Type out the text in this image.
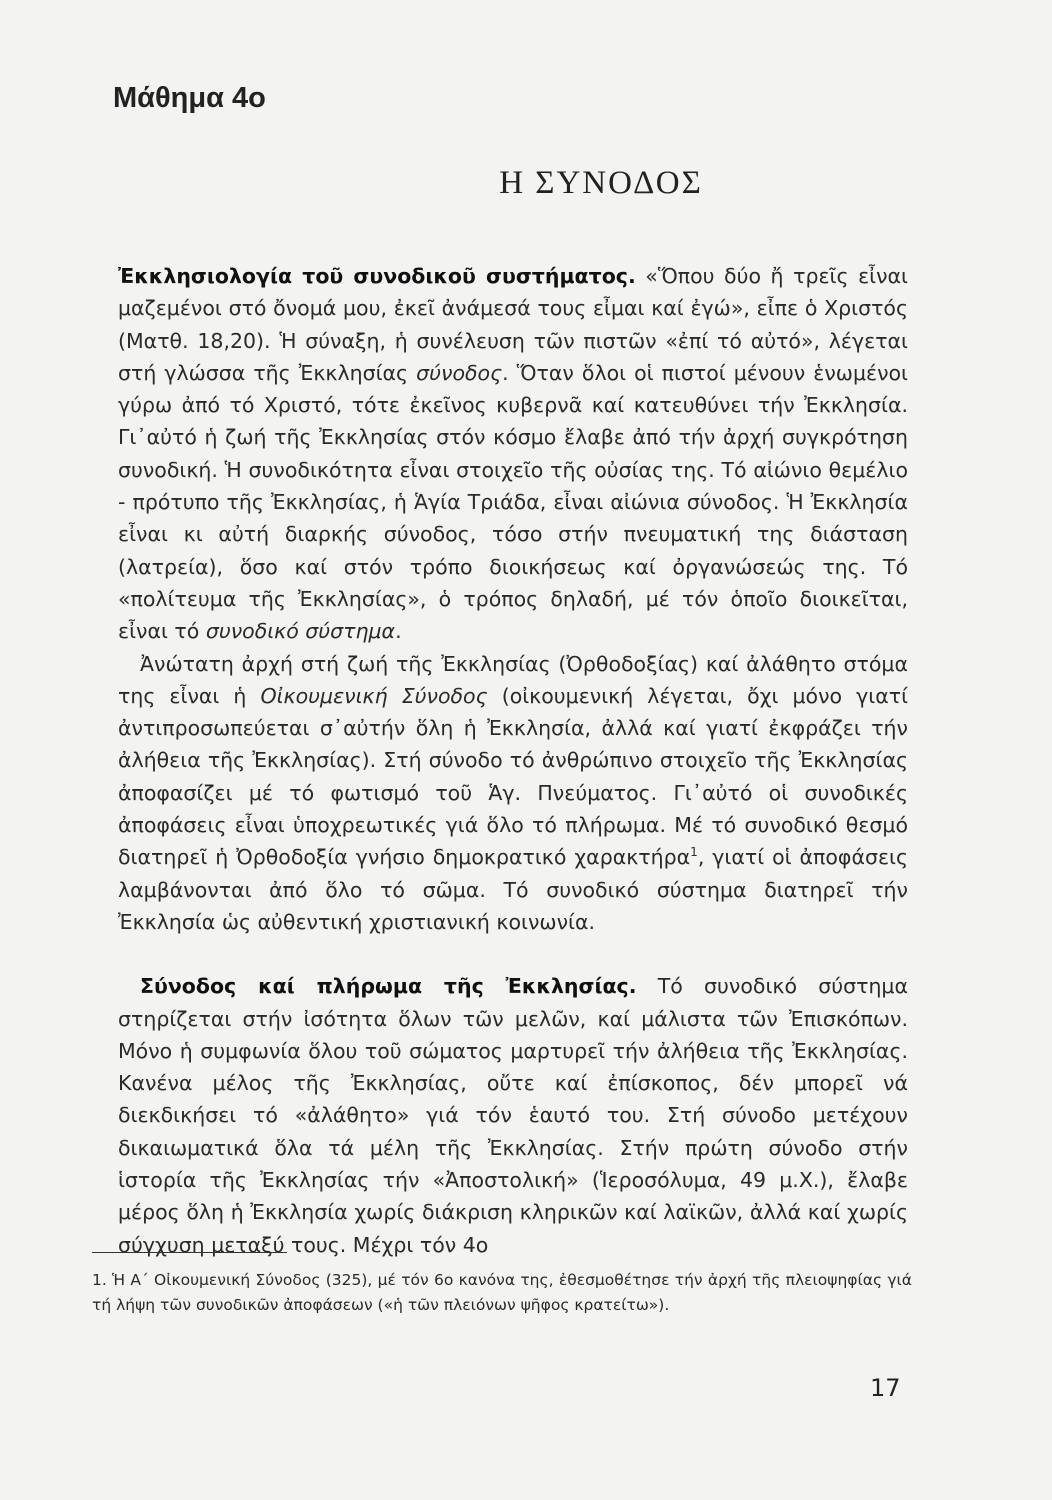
Μάθημα 4ο
Η ΣΥΝΟΔΟΣ

Ἐκκλησιολογία τοῦ συνοδικοῦ συστήματος. «Ὅπου δύο ἤ τρεῖς εἶναι μαζεμένοι στό ὄνομά μου, ἐκεῖ ἀνάμεσά τους εἶμαι καί ἐγώ», εἶπε ὁ Χριστός (Ματθ. 18,20). Ἡ σύναξη, ἡ συνέλευση τῶν πιστῶν «ἐπί τό αὐτό», λέγεται στή γλώσσα τῆς Ἐκκλησίας σύνοδος. Ὅταν ὅλοι οἱ πιστοί μένουν ἑνωμένοι γύρω ἀπό τό Χριστό, τότε ἐκεῖνος κυβερνᾶ καί κατευθύνει τήν Ἐκκλησία. Γι᾽αὐτό ἡ ζωή τῆς Ἐκκλησίας στόν κόσμο ἔλαβε ἀπό τήν ἀρχή συγκρότηση συνοδική. Ἡ συνοδικότητα εἶναι στοιχεῖο τῆς οὐσίας της. Τό αἰώνιο θεμέλιο - πρότυπο τῆς Ἐκκλησίας, ἡ Ἁγία Τριάδα, εἶναι αἰώνια σύνοδος. Ἡ Ἐκκλησία εἶναι κι αὐτή διαρκής σύνοδος, τόσο στήν πνευματική της διάσταση (λατρεία), ὅσο καί στόν τρόπο διοικήσεως καί ὀργανώσεώς της. Τό «πολίτευμα τῆς Ἐκκλησίας», ὁ τρόπος δηλαδή, μέ τόν ὁποῖο διοικεῖται, εἶναι τό συνοδικό σύστημα.

Ἀνώτατη ἀρχή στή ζωή τῆς Ἐκκλησίας (Ὀρθοδοξίας) καί ἀλάθητο στόμα της εἶναι ἡ Οἰκουμενική Σύνοδος (οἰκουμενική λέγεται, ὄχι μόνο γιατί ἀντιπροσωπεύεται σ᾽αὐτήν ὅλη ἡ Ἐκκλησία, ἀλλά καί γιατί ἐκφράζει τήν ἀλήθεια τῆς Ἐκκλησίας). Στή σύνοδο τό ἀνθρώπινο στοιχεῖο τῆς Ἐκκλησίας ἀποφασίζει μέ τό φωτισμό τοῦ Ἁγ. Πνεύματος. Γι᾽αὐτό οἱ συνοδικές ἀποφάσεις εἶναι ὑποχρεωτικές γιά ὅλο τό πλήρωμα. Μέ τό συνοδικό θεσμό διατηρεῖ ἡ Ὀρθοδοξία γνήσιο δημοκρατικό χαρακτήρα$^1$, γιατί οἱ ἀποφάσεις λαμβάνονται ἀπό ὅλο τό σῶμα. Τό συνοδικό σύστημα διατηρεῖ τήν Ἐκκλησία ὡς αὐθεντική χριστιανική κοινωνία.

Σύνοδος καί πλήρωμα τῆς Ἐκκλησίας. Τό συνοδικό σύστημα στηρίζεται στήν ἰσότητα ὅλων τῶν μελῶν, καί μάλιστα τῶν Ἐπισκόπων. Μόνο ἡ συμφωνία ὅλου τοῦ σώματος μαρτυρεῖ τήν ἀλήθεια τῆς Ἐκκλησίας. Κανένα μέλος τῆς Ἐκκλησίας, οὔτε καί ἐπίσκοπος, δέν μπορεῖ νά διεκδικήσει τό «ἀλάθητο» γιά τόν ἑαυτό του. Στή σύνοδο μετέχουν δικαιωματικά ὅλα τά μέλη τῆς Ἐκκλησίας. Στήν πρώτη σύνοδο στήν ἱστορία τῆς Ἐκκλησίας τήν «Ἀποστολική» (Ἱεροσόλυμα, 49 μ.Χ.), ἔλαβε μέρος ὅλη ἡ Ἐκκλησία χωρίς διάκριση κληρικῶν καί λαϊκῶν, ἀλλά καί χωρίς σύγχυση μεταξύ τους. Μέχρι τόν 4ο

1. Ἡ Α΄ Οἰκουμενική Σύνοδος (325), μέ τόν 6ο κανόνα της, ἐθεσμοθέτησε τήν ἀρχή τῆς πλειοψηφίας γιά τή λήψη τῶν συνοδικῶν ἀποφάσεων («ἡ τῶν πλειόνων ψῆφος κρατείτω»).
17
